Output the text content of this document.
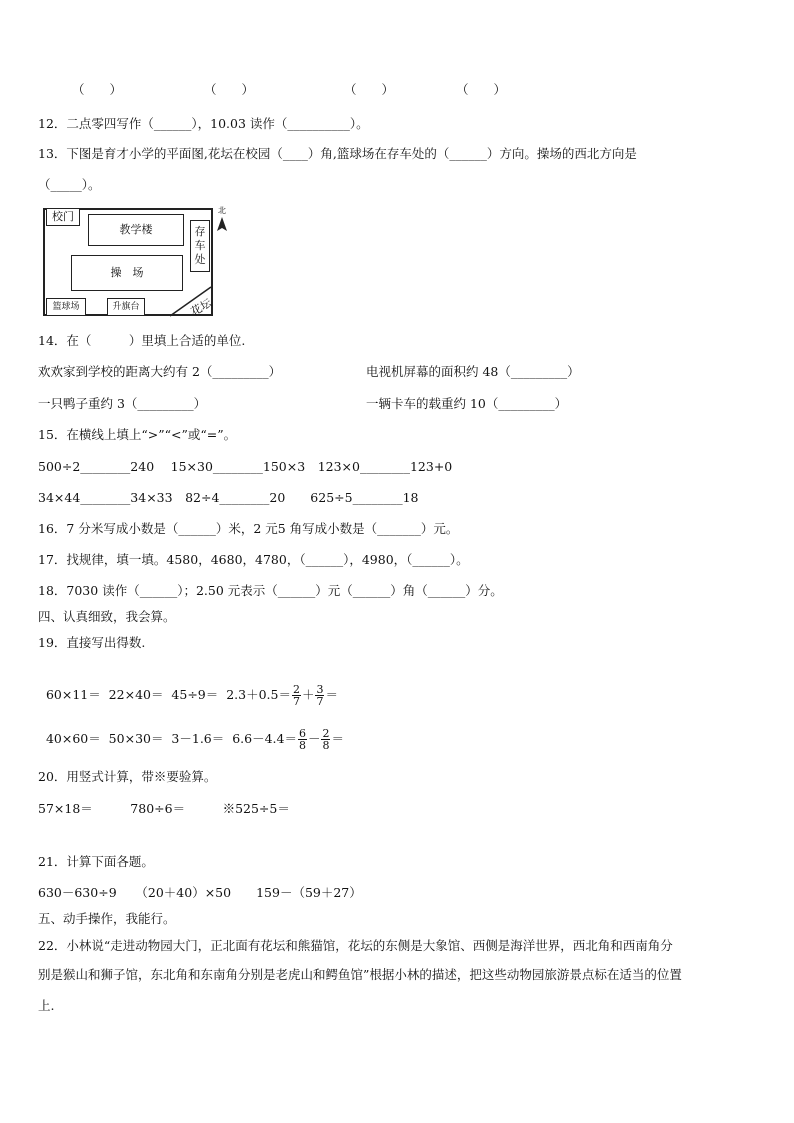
（　　）	（　　）	（　　）	（　　）
12．二点零四写作（______），10.03 读作（__________）。
13．下图是育才小学的平面图,花坛在校园（____）角,篮球场在存车处的（______）方向。操场的西北方向是
（_____）。
校门
教学楼	存车处
操　场
篮球场	升旗台	花坛
北
14．在（　　　）里填上合适的单位.
欢欢家到学校的距离大约有 2（_________）	电视机屏幕的面积约 48（_________）
一只鸭子重约 3（_________）	一辆卡车的载重约 10（_________）
15．在横线上填上“>”“<”或“=”。
500÷2________240　 15×30________150×3　123×0________123+0
34×44________34×33　82÷4________20　　625÷5________18
16．7 分米写成小数是（______）米，2 元5 角写成小数是（_______）元。
17．找规律，填一填。4580，4680，4780，（______），4980，（______）。
18．7030 读作（______）；2.50 元表示（______）元（______）角（______）分。
四、认真细致，我会算。
19．直接写出得数.

$60\times 11= 22\times 40= 45\div 9= 2.3+0.5= \frac{2}{7} + \frac{3}{7}$ ＝

$40\times 60= 50\times 30= 3-1.6= 6.6-4.4= \frac{6}{8} - \frac{2}{8}$ ＝

20．用竖式计算，带※要验算。
57×18＝　　　780÷6＝　　　※525÷5＝
21．计算下面各题。
630－630÷9　　（20＋40）×50　　159－（59＋27）
五、动手操作，我能行。
22．小林说“走进动物园大门，正北面有花坛和熊猫馆，花坛的东侧是大象馆、西侧是海洋世界，西北角和西南角分
别是猴山和狮子馆，东北角和东南角分别是老虎山和鳄鱼馆”根据小林的描述，把这些动物园旅游景点标在适当的位置
上.
